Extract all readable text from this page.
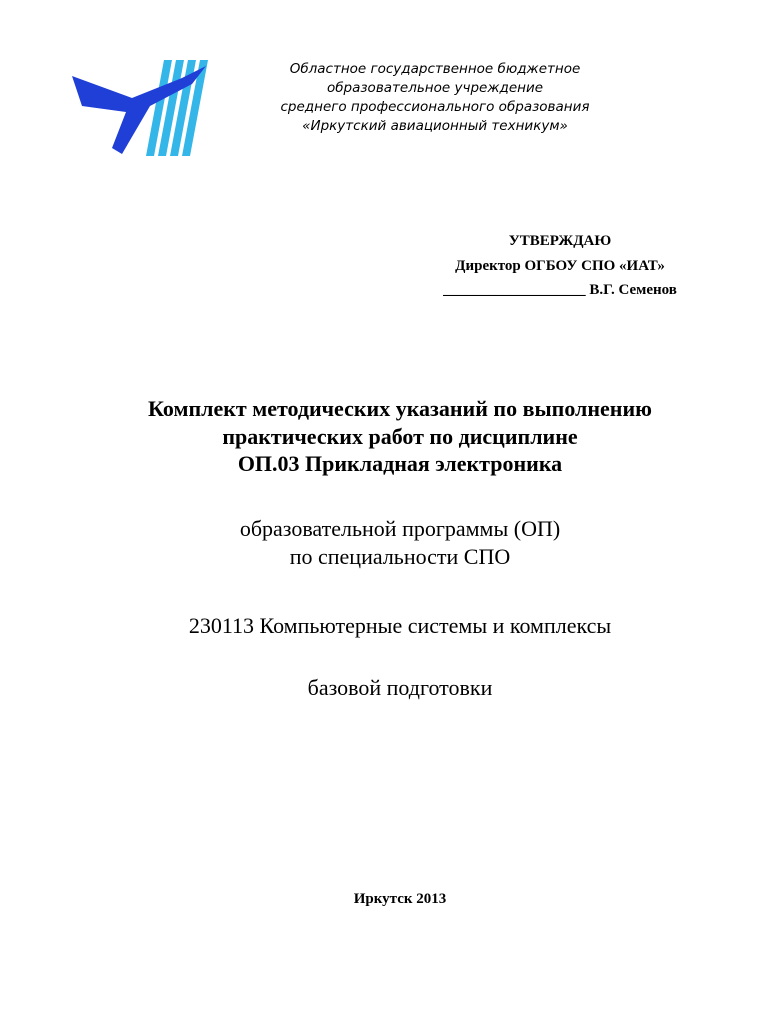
Областное государственное бюджетное
образовательное учреждение
среднего профессионального образования
«Иркутский авиационный техникум»
УТВЕРЖДАЮ
Директор ОГБОУ СПО «ИАТ»
___________________ В.Г. Семенов
Комплект методических указаний по выполнению
практических работ по дисциплине
ОП.03 Прикладная электроника
образовательной программы (ОП)
по специальности СПО
230113 Компьютерные системы и комплексы
базовой подготовки
Иркутск 2013
